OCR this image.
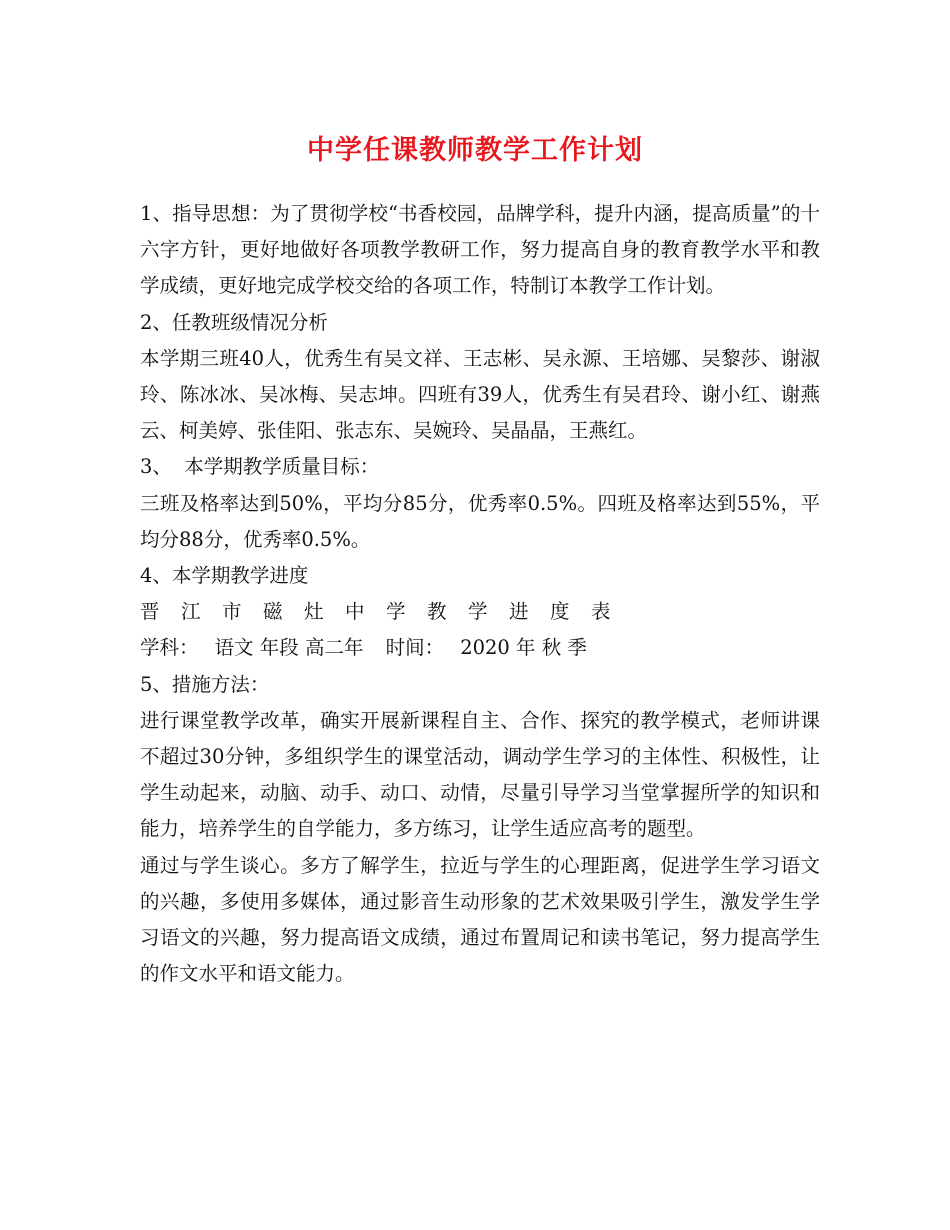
中学任课教师教学工作计划

1、指导思想：为了贯彻学校“书香校园，品牌学科，提升内涵，提高质量”的十六字方针，更好地做好各项教学教研工作，努力提高自身的教育教学水平和教学成绩，更好地完成学校交给的各项工作，特制订本教学工作计划。

2、任教班级情况分析

本学期三班40人，优秀生有吴文祥、王志彬、吴永源、王培娜、吴黎莎、谢淑玲、陈冰冰、吴冰梅、吴志坤。四班有39人，优秀生有吴君玲、谢小红、谢燕云、柯美婷、张佳阳、张志东、吴婉玲、吴晶晶，王燕红。

3、  本学期教学质量目标：

三班及格率达到50%，平均分85分，优秀率0.5%。四班及格率达到55%，平均分88分，优秀率0.5%。

4、本学期教学进度

晋 江 市 磁 灶 中 学 教 学 进 度 表

学科： 语文 年段 高二年 时间： 2020 年 秋 季

5、措施方法：

进行课堂教学改革，确实开展新课程自主、合作、探究的教学模式，老师讲课不超过30分钟，多组织学生的课堂活动，调动学生学习的主体性、积极性，让学生动起来，动脑、动手、动口、动情，尽量引导学习当堂掌握所学的知识和能力，培养学生的自学能力，多方练习，让学生适应高考的题型。

通过与学生谈心。多方了解学生，拉近与学生的心理距离，促进学生学习语文的兴趣，多使用多媒体，通过影音生动形象的艺术效果吸引学生，激发学生学习语文的兴趣，努力提高语文成绩，通过布置周记和读书笔记，努力提高学生的作文水平和语文能力。
